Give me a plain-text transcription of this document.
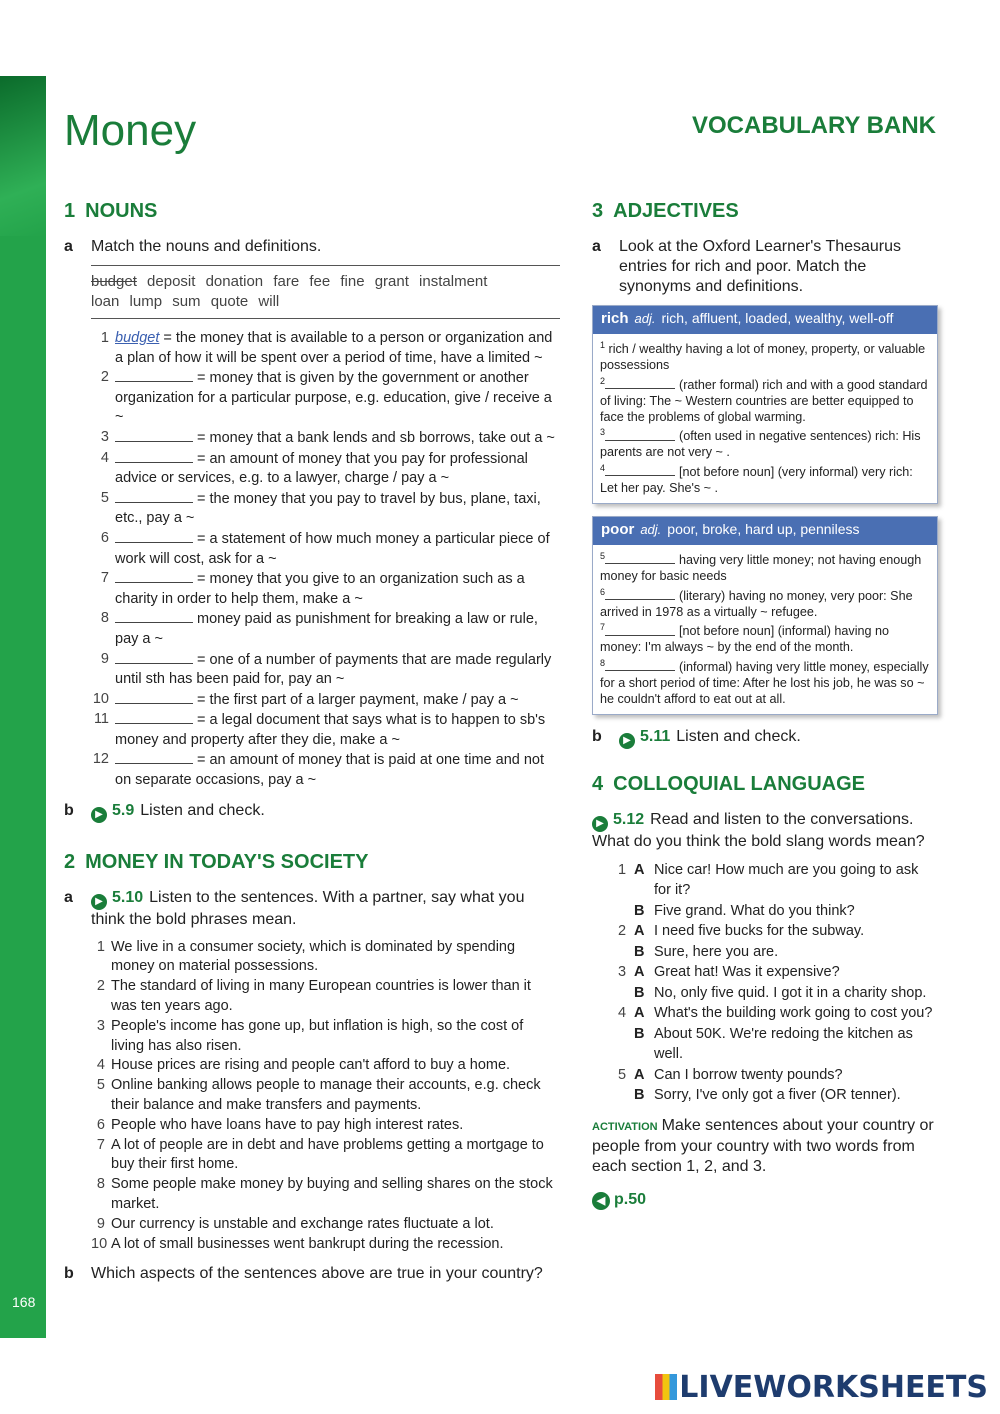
168
Money	VOCABULARY BANK
1 NOUNS
a	Match the nouns and definitions.
budget deposit donation fare fee fine grant instalment
loan lump sum quote will
1 budget = the money that is available to a person or organization and a plan of how it will be spent over a period of time, have a limited ~
2	= money that is given by the government or another organization for a particular purpose, e.g. education, give / receive a ~
3	= money that a bank lends and sb borrows, take out a ~
4	= an amount of money that you pay for professional advice or services, e.g. to a lawyer, charge / pay a ~
5	= the money that you pay to travel by bus, plane, taxi, etc., pay a ~
6	= a statement of how much money a particular piece of work will cost, ask for a ~
7	= money that you give to an organization such as a charity in order to help them, make a ~
8	money paid as punishment for breaking a law or rule, pay a ~
9	= one of a number of payments that are made regularly until sth has been paid for, pay an ~
10	= the first part of a larger payment, make / pay a ~
11	= a legal document that says what is to happen to sb's money and property after they die, make a ~
12	= an amount of money that is paid at one time and not on separate occasions, pay a ~
b	▶ 5.9 Listen and check.
2 MONEY IN TODAY'S SOCIETY
a	▶ 5.10 Listen to the sentences. With a partner, say what you think the bold phrases mean.
1 We live in a consumer society, which is dominated by spending money on material possessions.
2 The standard of living in many European countries is lower than it was ten years ago.
3 People's income has gone up, but inflation is high, so the cost of living has also risen.
4 House prices are rising and people can't afford to buy a home.
5 Online banking allows people to manage their accounts, e.g. check their balance and make transfers and payments.
6 People who have loans have to pay high interest rates.
7 A lot of people are in debt and have problems getting a mortgage to buy their first home.
8 Some people make money by buying and selling shares on the stock market.
9 Our currency is unstable and exchange rates fluctuate a lot.
10 A lot of small businesses went bankrupt during the recession.
b	Which aspects of the sentences above are true in your country?
3 ADJECTIVES
a	Look at the Oxford Learner's Thesaurus entries for rich and poor. Match the synonyms and definitions.
rich adj. rich, affluent, loaded, wealthy, well-off
$^1$ rich / wealthy having a lot of money, property, or valuable possessions
$^2$	(rather formal) rich and with a good standard of living: The ~ Western countries are better equipped to face the problems of global warming.
$^3$	(often used in negative sentences) rich: His parents are not very ~ .
$^4$	[not before noun] (very informal) very rich: Let her pay. She's ~ .
poor adj. poor, broke, hard up, penniless
$^5$	having very little money; not having enough money for basic needs
$^6$	(literary) having no money, very poor: She arrived in 1978 as a virtually ~ refugee.
$^7$	[not before noun] (informal) having no money: I'm always ~ by the end of the month.
$^8$	(informal) having very little money, especially for a short period of time: After he lost his job, he was so ~ he couldn't afford to eat out at all.
b	▶ 5.11 Listen and check.
4 COLLOQUIAL LANGUAGE
▶ 5.12 Read and listen to the conversations. What do you think the bold slang words mean?
1 A Nice car! How much are you going to ask for it?
B Five grand. What do you think?
2 A I need five bucks for the subway.
B Sure, here you are.
3 A Great hat! Was it expensive?
B No, only five quid. I got it in a charity shop.
4 A What's the building work going to cost you?
B About 50K. We're redoing the kitchen as well.
5 A Can I borrow twenty pounds?
B Sorry, I've only got a fiver (OR tenner).
ACTIVATION Make sentences about your country or people from your country with two words from each section 1, 2, and 3.
◀ p.50
LIVEWORKSHEETS
